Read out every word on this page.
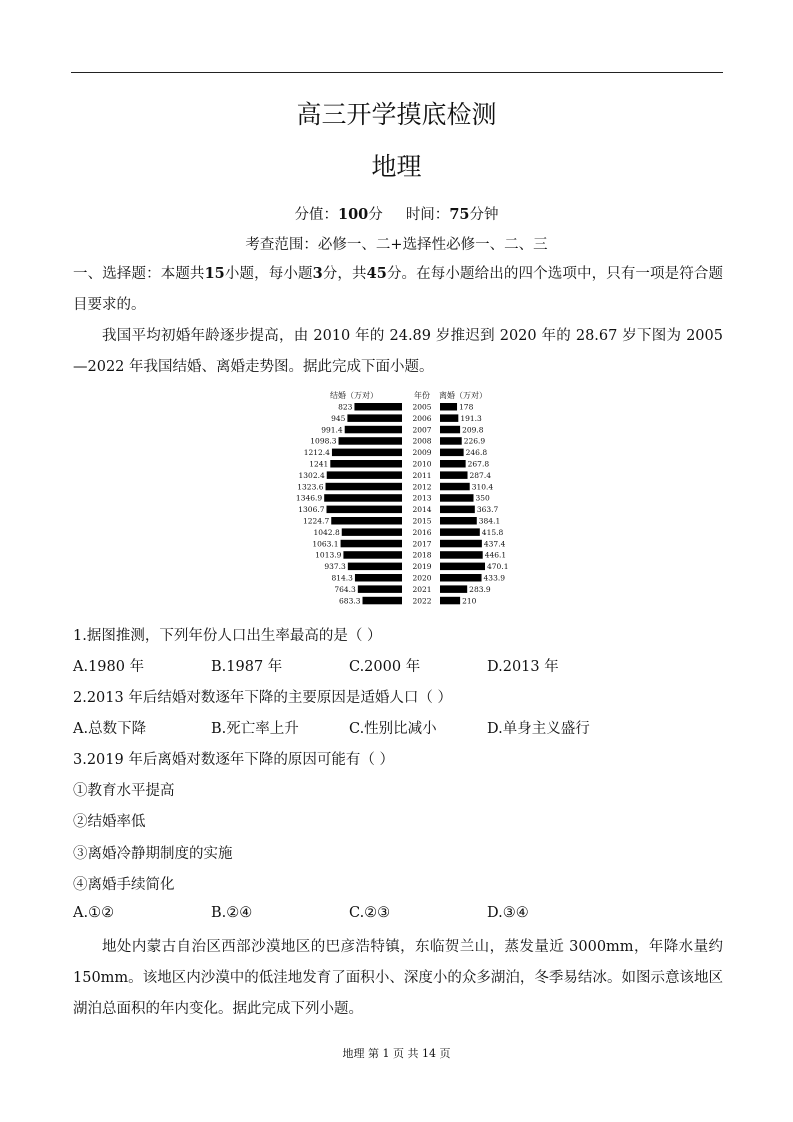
高三开学摸底检测
地理
分值：100分 时间：75分钟
考查范围：必修一、二+选择性必修一、二、三

一、选择题：本题共15小题，每小题3分，共45分。在每小题给出的四个选项中，只有一项是符合题目要求的。

我国平均初婚年龄逐步提高，由 2010 年的 24.89 岁推迟到 2020 年的 28.67 岁下图为 2005—2022 年我国结婚、离婚走势图。据此完成下面小题。

结婚（万对）	年份 离婚（万对）
823	2005	178
945	2006	191.3
991.4	2007	209.8
1098.3	2008	226.9
1212.4	2009	246.8
1241	2010	267.8
1302.4	2011	287.4
1323.6	2012	310.4
1346.9	2013	350
1306.7	2014	363.7
1224.7	2015	384.1
1042.8	2016	415.8
1063.1	2017	437.4
1013.9	2018	446.1
937.3	2019	470.1
814.3	2020	433.9
764.3	2021	283.9
683.3	2022	210

1.据图推测，下列年份人口出生率最高的是（ ）

A.1980 年	B.1987 年	C.2000 年	D.2013 年

2.2013 年后结婚对数逐年下降的主要原因是适婚人口（ ）

A.总数下降	B.死亡率上升	C.性别比减小	D.单身主义盛行

3.2019 年后离婚对数逐年下降的原因可能有（ ）

①教育水平提高

②结婚率低

③离婚冷静期制度的实施

④离婚手续简化

A.①②	B.②④	C.②③	D.③④

地处内蒙古自治区西部沙漠地区的巴彦浩特镇，东临贺兰山，蒸发量近 3000mm，年降水量约 150mm。该地区内沙漠中的低洼地发育了面积小、深度小的众多湖泊，冬季易结冰。如图示意该地区湖泊总面积的年内变化。据此完成下列小题。

地理 第 1 页 共 14 页
